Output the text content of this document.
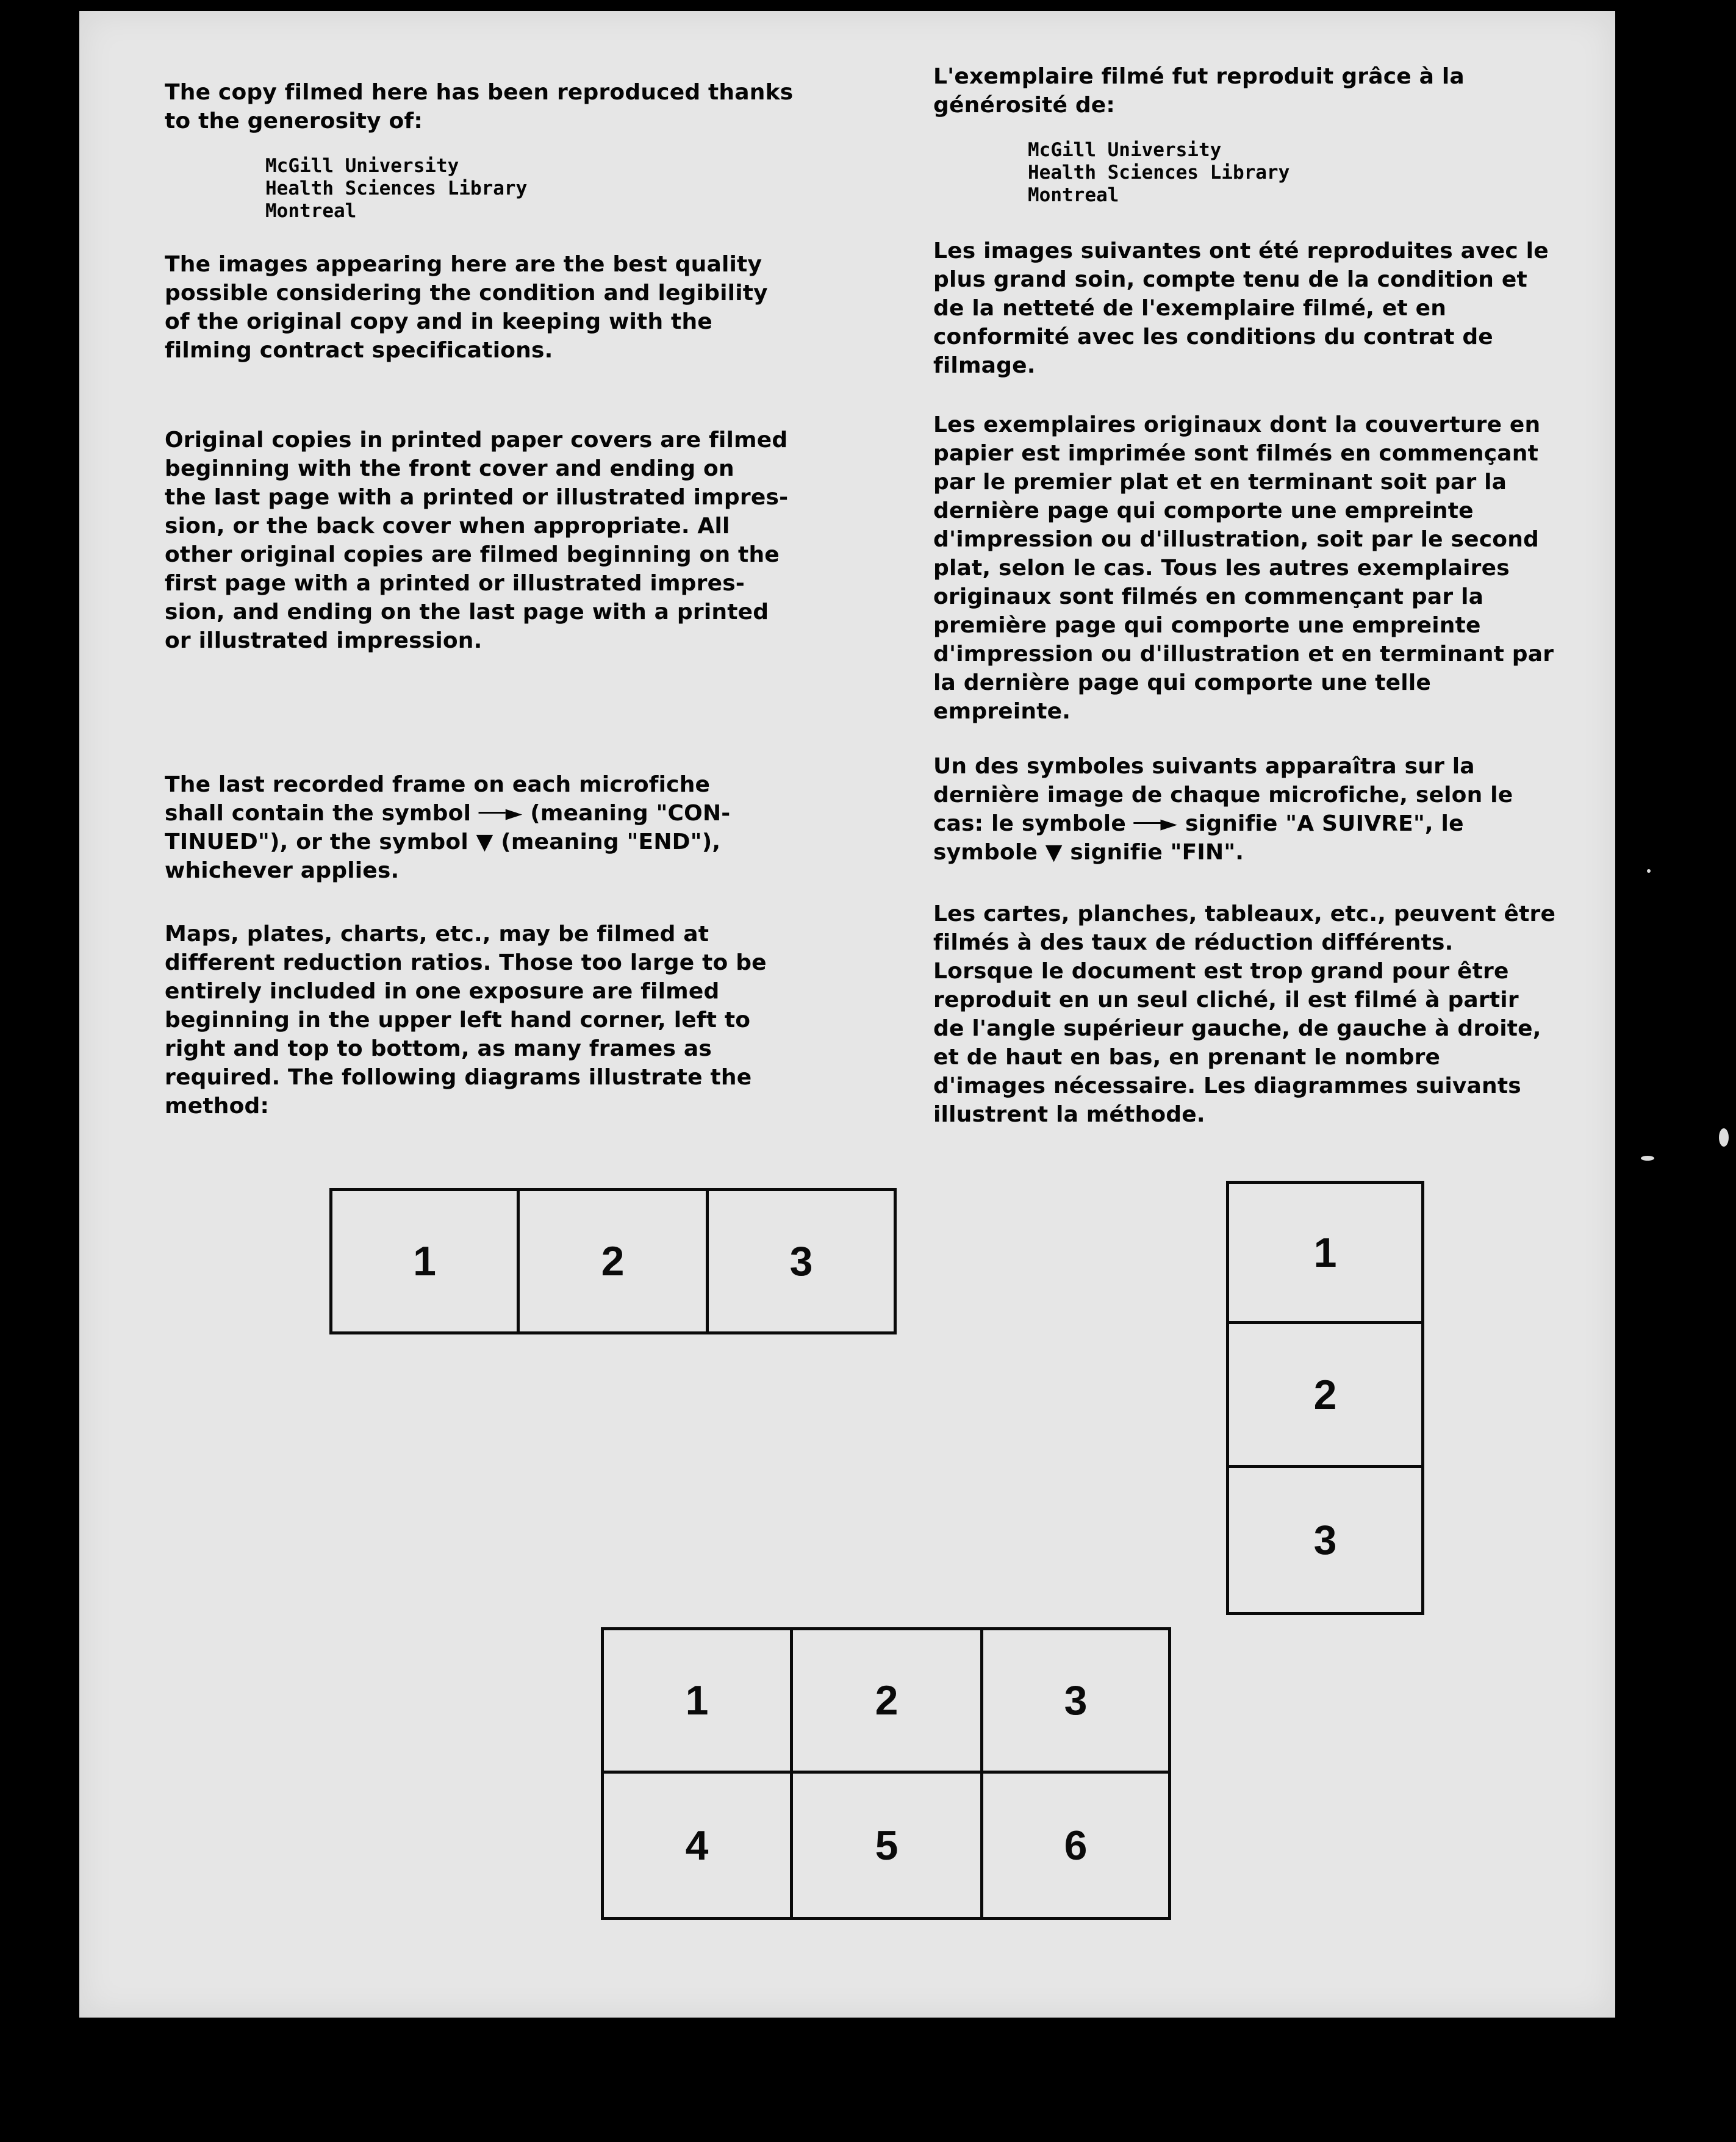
The copy filmed here has been reproduced thanks
to the generosity of:

McGill University
Health Sciences Library
Montreal

The images appearing here are the best quality
possible considering the condition and legibility
of the original copy and in keeping with the
filming contract specifications.

Original copies in printed paper covers are filmed
beginning with the front cover and ending on
the last page with a printed or illustrated impres-
sion, or the back cover when appropriate. All
other original copies are filmed beginning on the
first page with a printed or illustrated impres-
sion, and ending on the last page with a printed
or illustrated impression.

The last recorded frame on each microfiche
shall contain the symbol ──► (meaning "CON-
TINUED"), or the symbol ▼ (meaning "END"),
whichever applies.

Maps, plates, charts, etc., may be filmed at
different reduction ratios. Those too large to be
entirely included in one exposure are filmed
beginning in the upper left hand corner, left to
right and top to bottom, as many frames as
required. The following diagrams illustrate the
method:

L'exemplaire filmé fut reproduit grâce à la
générosité de:

McGill University
Health Sciences Library
Montreal

Les images suivantes ont été reproduites avec le
plus grand soin, compte tenu de la condition et
de la netteté de l'exemplaire filmé, et en
conformité avec les conditions du contrat de
filmage.

Les exemplaires originaux dont la couverture en
papier est imprimée sont filmés en commençant
par le premier plat et en terminant soit par la
dernière page qui comporte une empreinte
d'impression ou d'illustration, soit par le second
plat, selon le cas. Tous les autres exemplaires
originaux sont filmés en commençant par la
première page qui comporte une empreinte
d'impression ou d'illustration et en terminant par
la dernière page qui comporte une telle
empreinte.

Un des symboles suivants apparaîtra sur la
dernière image de chaque microfiche, selon le
cas: le symbole ──► signifie "A SUIVRE", le
symbole ▼ signifie "FIN".

Les cartes, planches, tableaux, etc., peuvent être
filmés à des taux de réduction différents.
Lorsque le document est trop grand pour être
reproduit en un seul cliché, il est filmé à partir
de l'angle supérieur gauche, de gauche à droite,
et de haut en bas, en prenant le nombre
d'images nécessaire. Les diagrammes suivants
illustrent la méthode.

1	2	3	1
2
3
1	2	3
4	5	6
